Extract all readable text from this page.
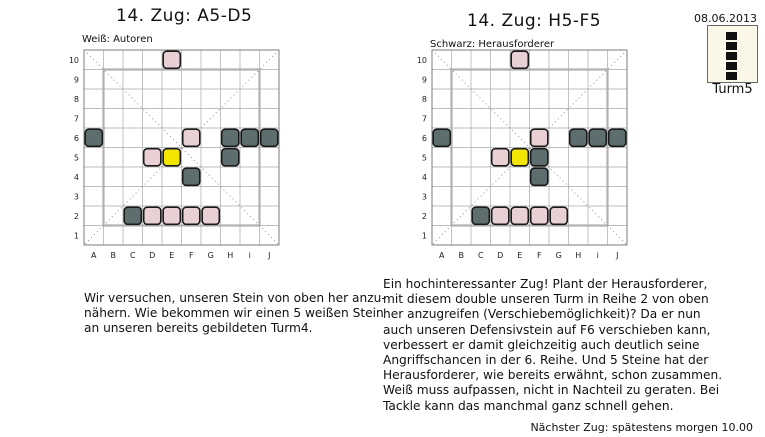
14. Zug: A5-D5
Weiß: Autoren
10
9
8
7
6
5
4
3
2
1
A B C D E F G H i J
Wir versuchen, unseren Stein von oben her anzu-
nähern. Wie bekommen wir einen 5 weißen Stein
an unseren bereits gebildeten Turm4.
14. Zug: H5-F5
Schwarz: Herausforderer
10
9
8
7
6
5
4
3
2
1
A B C D E F G H i J
Ein hochinteressanter Zug! Plant der Herausforderer,
mit diesem double unseren Turm in Reihe 2 von oben
her anzugreifen (Verschiebemöglichkeit)? Da er nun
auch unseren Defensivstein auf F6 verschieben kann,
verbessert er damit gleichzeitig auch deutlich seine
Angriffschancen in der 6. Reihe. Und 5 Steine hat der
Herausforderer, wie bereits erwähnt, schon zusammen.
Weiß muss aufpassen, nicht in Nachteil zu geraten. Bei
Tackle kann das manchmal ganz schnell gehen.
Nächster Zug: spätestens morgen 10.00
08.06.2013
Turm5
